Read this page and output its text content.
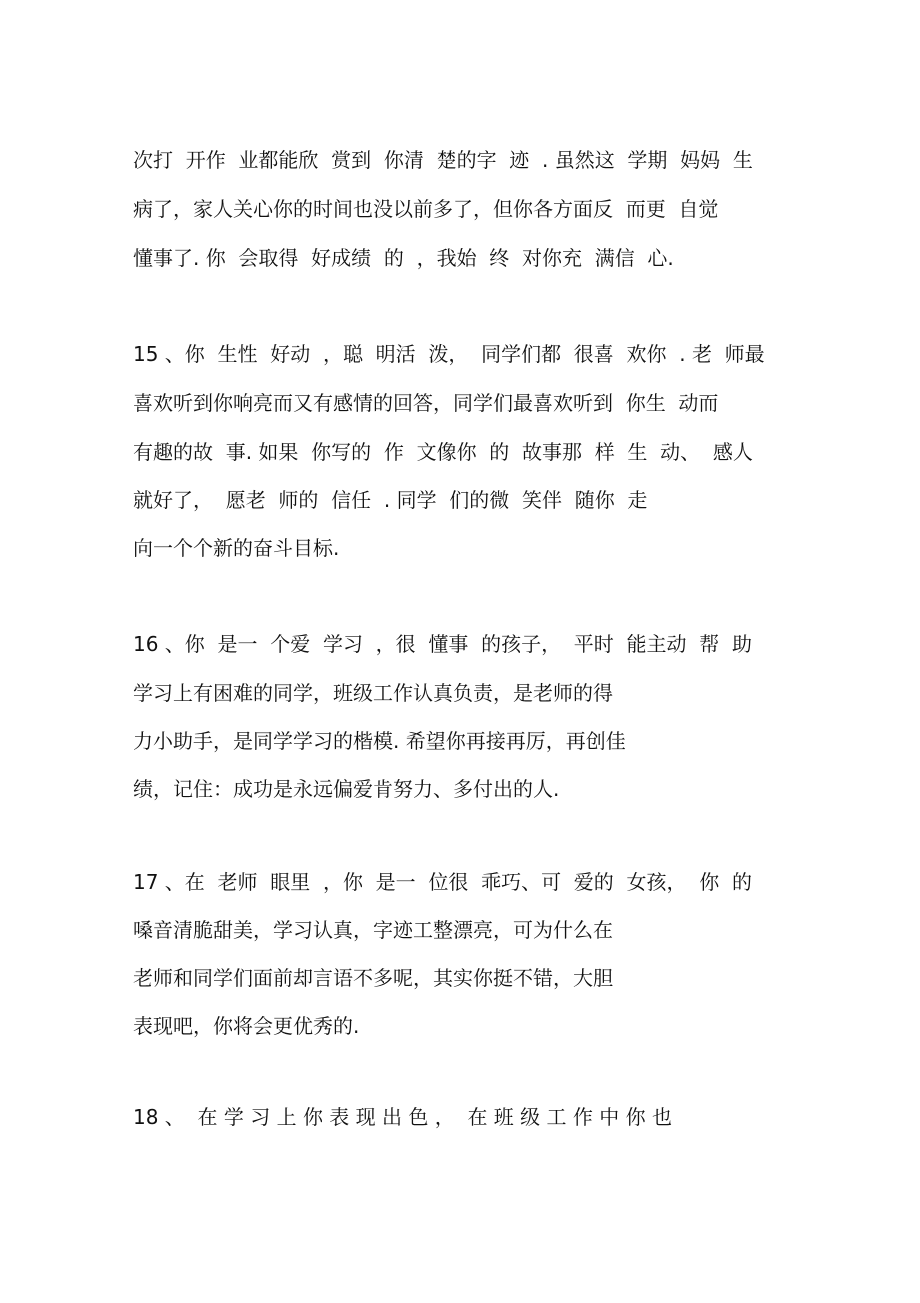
次打  开作  业都能欣  赏到  你清  楚的字  迹  . 虽然这  学期  妈妈  生
病了，家人关心你的时间也没以前多了，但你各方面反  而更  自觉
懂事了. 你  会取得  好成绩  的  ，我始  终  对你充  满信  心.
15 、你  生性  好动  ，聪  明活  泼，  同学们都  很喜  欢你  . 老  师最
喜欢听到你响亮而又有感情的回答，同学们最喜欢听到  你生  动而
有趣的故  事. 如果  你写的  作  文像你  的  故事那  样  生  动、  感人
就好了，  愿老  师的  信任  . 同学  们的微  笑伴  随你  走
向一个个新的奋斗目标.
16 、你  是一  个爱  学习  ，很  懂事  的孩子，  平时  能主动  帮  助
学习上有困难的同学，班级工作认真负责，是老师的得
力小助手，是同学学习的楷模. 希望你再接再厉，再创佳
绩，记住：成功是永远偏爱肯努力、多付出的人.
17 、在  老师  眼里  ，你  是一  位很  乖巧、可  爱的  女孩，  你  的
嗓音清脆甜美，学习认真，字迹工整漂亮，可为什么在
老师和同学们面前却言语不多呢，其实你挺不错，大胆
表现吧，你将会更优秀的.
18 、  在 学 习 上 你 表 现 出 色 ，  在 班 级 工 作 中 你 也
